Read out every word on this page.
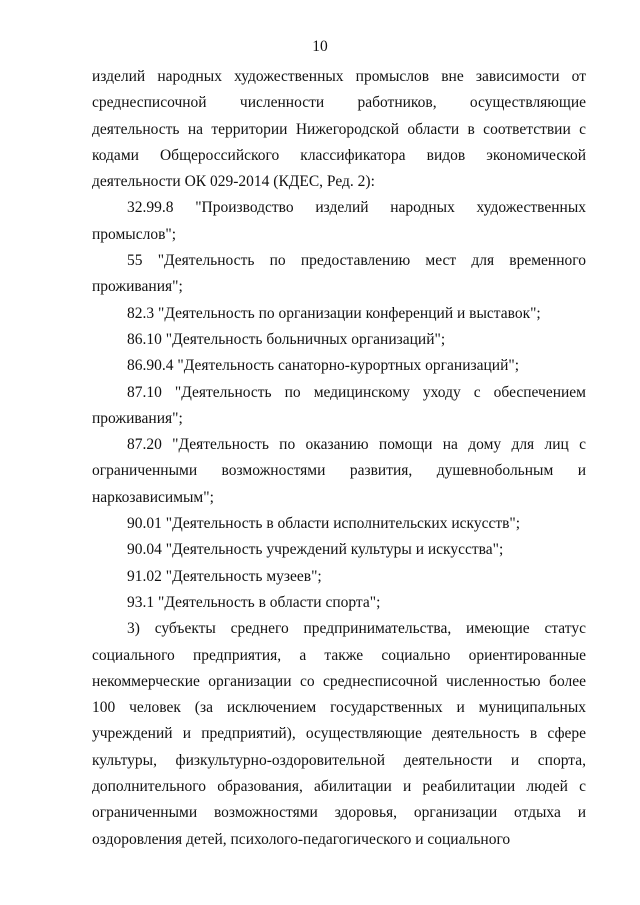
10

изделий народных художественных промыслов вне зависимости от среднесписочной численности работников, осуществляющие деятельность на территории Нижегородской области в соответствии с кодами Общероссийского классификатора видов экономической деятельности ОК 029-2014 (КДЕС, Ред. 2):

32.99.8 "Производство изделий народных художественных промыслов";

55 "Деятельность по предоставлению мест для временного проживания";

82.3 "Деятельность по организации конференций и выставок";

86.10 "Деятельность больничных организаций";

86.90.4 "Деятельность санаторно-курортных организаций";

87.10 "Деятельность по медицинскому уходу с обеспечением проживания";

87.20 "Деятельность по оказанию помощи на дому для лиц с ограниченными возможностями развития, душевнобольным и наркозависимым";

90.01 "Деятельность в области исполнительских искусств";

90.04 "Деятельность учреждений культуры и искусства";

91.02 "Деятельность музеев";

93.1 "Деятельность в области спорта";

3) субъекты среднего предпринимательства, имеющие статус социального предприятия, а также социально ориентированные некоммерческие организации со среднесписочной численностью более 100 человек (за исключением государственных и муниципальных учреждений и предприятий), осуществляющие деятельность в сфере культуры, физкультурно-оздоровительной деятельности и спорта, дополнительного образования, абилитации и реабилитации людей с ограниченными возможностями здоровья, организации отдыха и оздоровления детей, психолого-педагогического и социального
